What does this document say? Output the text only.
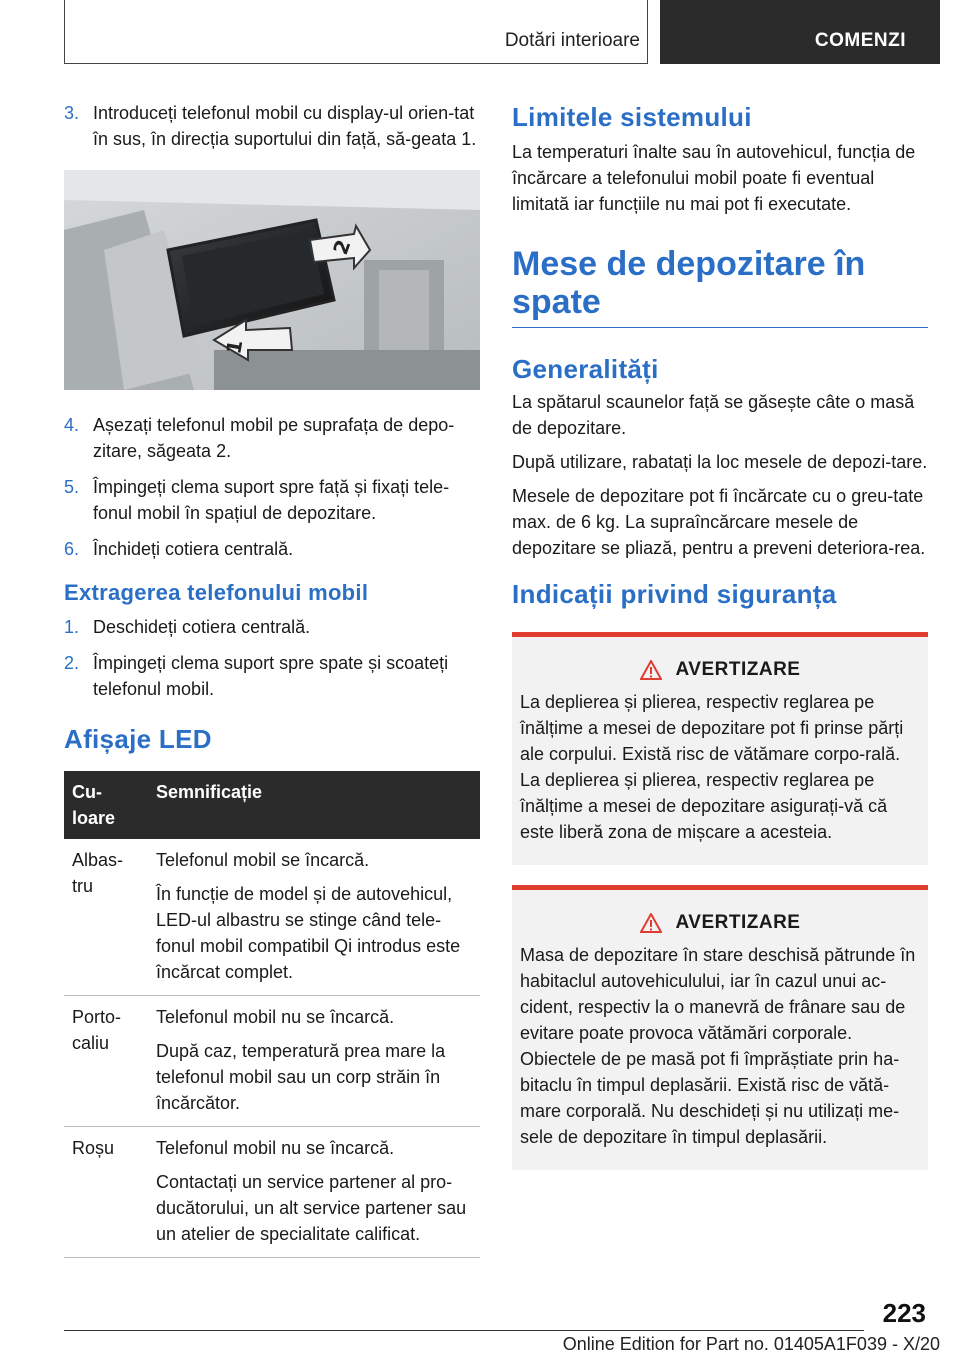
Dotări interioare	COMENZI
3. Introduceți telefonul mobil cu display-ul orien-tat în sus, în direcția suportului din față, să-geata 1.
2
1
4. Așezați telefonul mobil pe suprafața de depo-zitare, săgeata 2.
5. Împingeți clema suport spre față și fixați tele-fonul mobil în spațiul de depozitare.
6. Închideți cotiera centrală.
Extragerea telefonului mobil
1. Deschideți cotiera centrală.
2. Împingeți clema suport spre spate și scoateți telefonul mobil.
Afișaje LED
Cu-loare	Semnificație
Albas-tru	Telefonul mobil se încarcă.

În funcție de model și de autovehicul, LED-ul albastru se stinge când tele-fonul mobil compatibil Qi introdus este încărcat complet.

Porto-caliu	Telefonul mobil nu se încarcă.

După caz, temperatură prea mare la telefonul mobil sau un corp străin în încărcător.

Roșu	Telefonul mobil nu se încarcă.

Contactați un service partener al pro-ducătorului, un alt service partener sau un atelier de specialitate calificat.

Limitele sistemului

La temperaturi înalte sau în autovehicul, funcția de încărcare a telefonului mobil poate fi eventual limitată iar funcțiile nu mai pot fi executate.

Mese de depozitare în spate
Generalități

La spătarul scaunelor față se găsește câte o masă de depozitare.

După utilizare, rabatați la loc mesele de depozi-tare.

Mesele de depozitare pot fi încărcate cu o greu-tate max. de 6 kg. La supraîncărcare mesele de depozitare se pliază, pentru a preveni deteriora-rea.

Indicații privind siguranța
AVERTIZARE

La deplierea și plierea, respectiv reglarea pe înălțime a mesei de depozitare pot fi prinse părți ale corpului. Există risc de vătămare corpo-rală. La deplierea și plierea, respectiv reglarea pe înălțime a mesei de depozitare asigurați-vă că este liberă zona de mișcare a acesteia.

AVERTIZARE

Masa de depozitare în stare deschisă pătrunde în habitaclul autovehiculului, iar în cazul unui ac-cident, respectiv la o manevră de frânare sau de evitare poate provoca vătămări corporale. Obiectele de pe masă pot fi împrăștiate prin ha-bitaclu în timpul deplasării. Există risc de vătă-mare corporală. Nu deschideți și nu utilizați me-sele de depozitare în timpul deplasării.

223
Online Edition for Part no. 01405A1F039 - X/20
